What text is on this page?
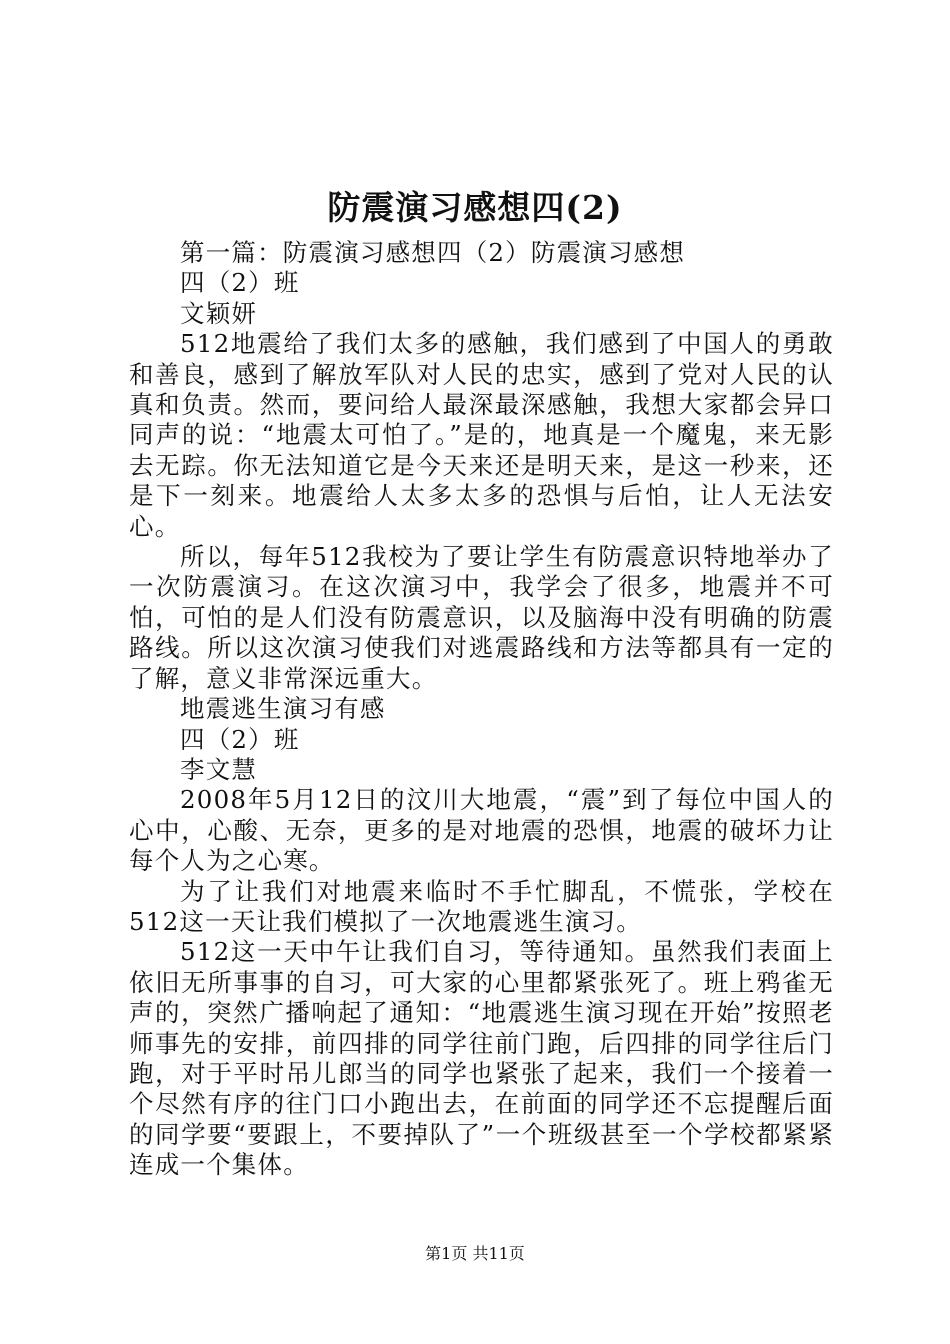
防震演习感想四(2)

第一篇：防震演习感想四（2）防震演习感想

四（2）班

文颖妍

512地震给了我们太多的感触，我们感到了中国人的勇敢和善良，感到了解放军队对人民的忠实，感到了党对人民的认真和负责。然而，要问给人最深最深感触，我想大家都会异口同声的说：“地震太可怕了。”是的，地真是一个魔鬼，来无影去无踪。你无法知道它是今天来还是明天来，是这一秒来，还是下一刻来。地震给人太多太多的恐惧与后怕，让人无法安心。

所以，每年512我校为了要让学生有防震意识特地举办了一次防震演习。在这次演习中，我学会了很多，地震并不可怕，可怕的是人们没有防震意识，以及脑海中没有明确的防震路线。所以这次演习使我们对逃震路线和方法等都具有一定的了解，意义非常深远重大。

地震逃生演习有感

四（2）班

李文慧

2008年5月12日的汶川大地震，“震”到了每位中国人的心中，心酸、无奈，更多的是对地震的恐惧，地震的破坏力让每个人为之心寒。

为了让我们对地震来临时不手忙脚乱，不慌张，学校在512这一天让我们模拟了一次地震逃生演习。

512这一天中午让我们自习，等待通知。虽然我们表面上依旧无所事事的自习，可大家的心里都紧张死了。班上鸦雀无声的，突然广播响起了通知：“地震逃生演习现在开始”按照老师事先的安排，前四排的同学往前门跑，后四排的同学往后门跑，对于平时吊儿郎当的同学也紧张了起来，我们一个接着一个尽然有序的往门口小跑出去，在前面的同学还不忘提醒后面的同学要“要跟上，不要掉队了”一个班级甚至一个学校都紧紧连成一个集体。

第1页 共11页
